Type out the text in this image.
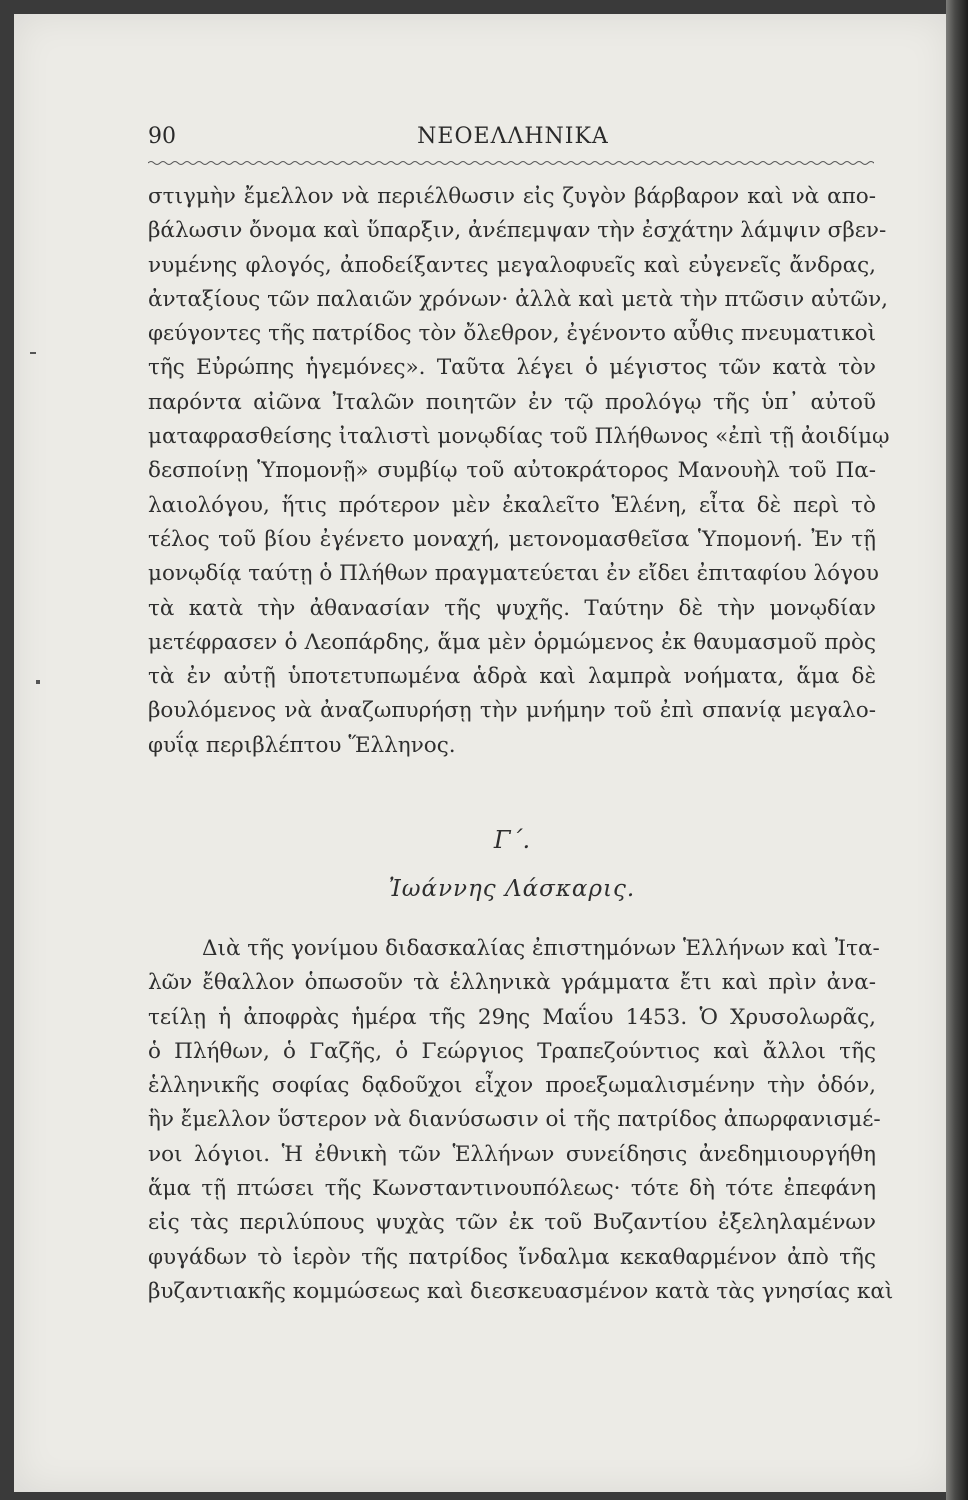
90	ΝΕΟΕΛΛΗΝΙΚΑ
στιγμὴν ἔμελλον νὰ περιέλθωσιν εἰς ζυγὸν βάρβαρον καὶ νὰ απο-
βάλωσιν ὄνομα καὶ ὕπαρξιν, ἀνέπεμψαν τὴν ἐσχάτην λάμψιν σβεν-
νυμένης φλογός, ἀποδείξαντες μεγαλοφυεῖς καὶ εὐγενεῖς ἄνδρας,
ἀνταξίους τῶν παλαιῶν χρόνων· ἀλλὰ καὶ μετὰ τὴν πτῶσιν αὐτῶν,
φεύγοντες τῆς πατρίδος τὸν ὄλεθρον, ἐγένοντο αὖθις πνευματικοὶ
τῆς Εὐρώπης ἡγεμόνες». Ταῦτα λέγει ὁ μέγιστος τῶν κατὰ τὸν
παρόντα αἰῶνα Ἰταλῶν ποιητῶν ἐν τῷ προλόγῳ τῆς ὑπ᾽ αὐτοῦ
ματαφρασθείσης ἰταλιστὶ μονῳδίας τοῦ Πλήθωνος «ἐπὶ τῇ ἀοιδίμῳ
δεσποίνῃ Ὑπομονῇ» συμβίῳ τοῦ αὐτοκράτορος Μανουὴλ τοῦ Πα-
λαιολόγου, ἥτις πρότερον μὲν ἐκαλεῖτο Ἑλένη, εἶτα δὲ περὶ τὸ
τέλος τοῦ βίου ἐγένετο μοναχή, μετονομασθεῖσα Ὑπομονή. Ἐν τῇ
μονῳδίᾳ ταύτῃ ὁ Πλήθων πραγματεύεται ἐν εἴδει ἐπιταφίου λόγου
τὰ κατὰ τὴν ἀθανασίαν τῆς ψυχῆς. Ταύτην δὲ τὴν μονῳδίαν
μετέφρασεν ὁ Λεοπάρδης, ἅμα μὲν ὁρμώμενος ἐκ θαυμασμοῦ πρὸς
τὰ ἐν αὐτῇ ὑποτετυπωμένα ἁδρὰ καὶ λαμπρὰ νοήματα, ἅμα δὲ
βουλόμενος νὰ ἀναζωπυρήσῃ τὴν μνήμην τοῦ ἐπὶ σπανίᾳ μεγαλο-
φυΐᾳ περιβλέπτου Ἕλληνος.
Γ΄.
Ἰωάννης Λάσκαρις.
Διὰ τῆς γονίμου διδασκαλίας ἐπιστημόνων Ἑλλήνων καὶ Ἰτα-
λῶν ἔθαλλον ὁπωσοῦν τὰ ἑλληνικὰ γράμματα ἔτι καὶ πρὶν ἀνα-
τείλῃ ἡ ἀποφρὰς ἡμέρα τῆς 29ης Μαΐου 1453. Ὁ Χρυσολωρᾶς,
ὁ Πλήθων, ὁ Γαζῆς, ὁ Γεώργιος Τραπεζούντιος καὶ ἄλλοι τῆς
ἑλληνικῆς σοφίας δᾳδοῦχοι εἶχον προεξωμαλισμένην τὴν ὁδόν,
ἣν ἔμελλον ὕστερον νὰ διανύσωσιν οἱ τῆς πατρίδος ἀπωρφανισμέ-
νοι λόγιοι. Ἡ ἐθνικὴ τῶν Ἑλλήνων συνείδησις ἀνεδημιουργήθη
ἅμα τῇ πτώσει τῆς Κωνσταντινουπόλεως· τότε δὴ τότε ἐπεφάνη
εἰς τὰς περιλύπους ψυχὰς τῶν ἐκ τοῦ Βυζαντίου ἐξεληλαμένων
φυγάδων τὸ ἱερὸν τῆς πατρίδος ἴνδαλμα κεκαθαρμένον ἀπὸ τῆς
βυζαντιακῆς κομμώσεως καὶ διεσκευασμένον κατὰ τὰς γνησίας καὶ
